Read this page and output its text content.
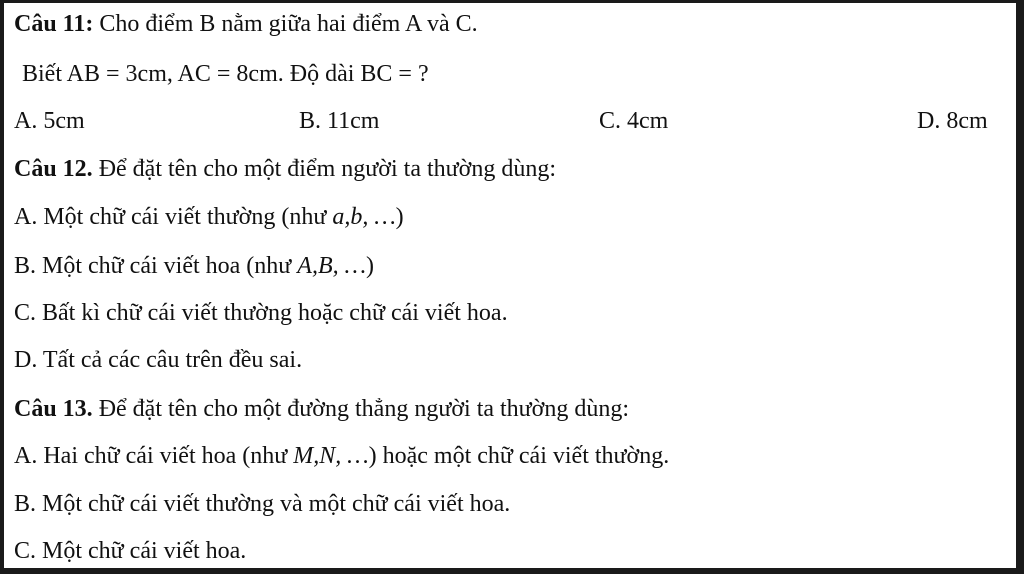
Câu 11: Cho điểm B nằm giữa hai điểm A và C.
Biết AB = 3cm, AC = 8cm. Độ dài BC = ?
A. 5cm	B. 11cm	C. 4cm	D. 8cm
Câu 12. Để đặt tên cho một điểm người ta thường dùng:
A. Một chữ cái viết thường (như a,b, …)
B. Một chữ cái viết hoa (như A,B, …)
C. Bất kì chữ cái viết thường hoặc chữ cái viết hoa.
D. Tất cả các câu trên đều sai.
Câu 13. Để đặt tên cho một đường thẳng người ta thường dùng:
A. Hai chữ cái viết hoa (như M,N, …) hoặc một chữ cái viết thường.
B. Một chữ cái viết thường và một chữ cái viết hoa.
C. Một chữ cái viết hoa.
